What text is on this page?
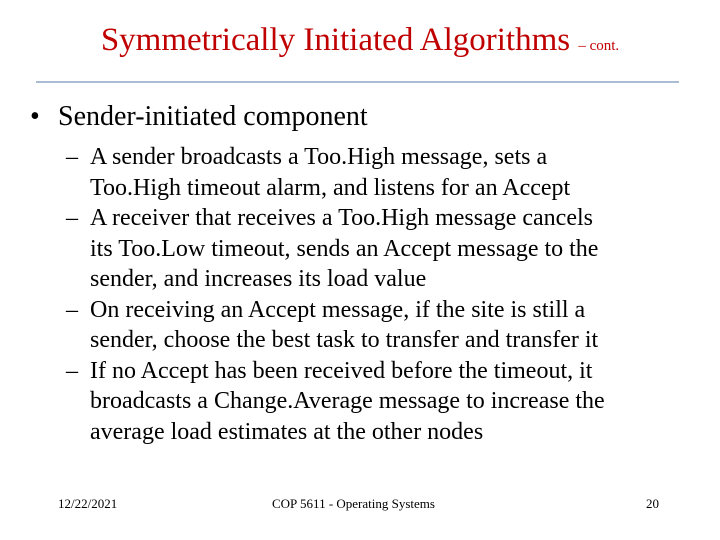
Symmetrically Initiated Algorithms – cont.
• Sender-initiated component
– A sender broadcasts a Too.High message, sets a
Too.High timeout alarm, and listens for an Accept
– A receiver that receives a Too.High message cancels
its Too.Low timeout, sends an Accept message to the
sender, and increases its load value
– On receiving an Accept message, if the site is still a
sender, choose the best task to transfer and transfer it
– If no Accept has been received before the timeout, it
broadcasts a Change.Average message to increase the
average load estimates at the other nodes
12/22/2021	COP 5611 - Operating Systems	20
